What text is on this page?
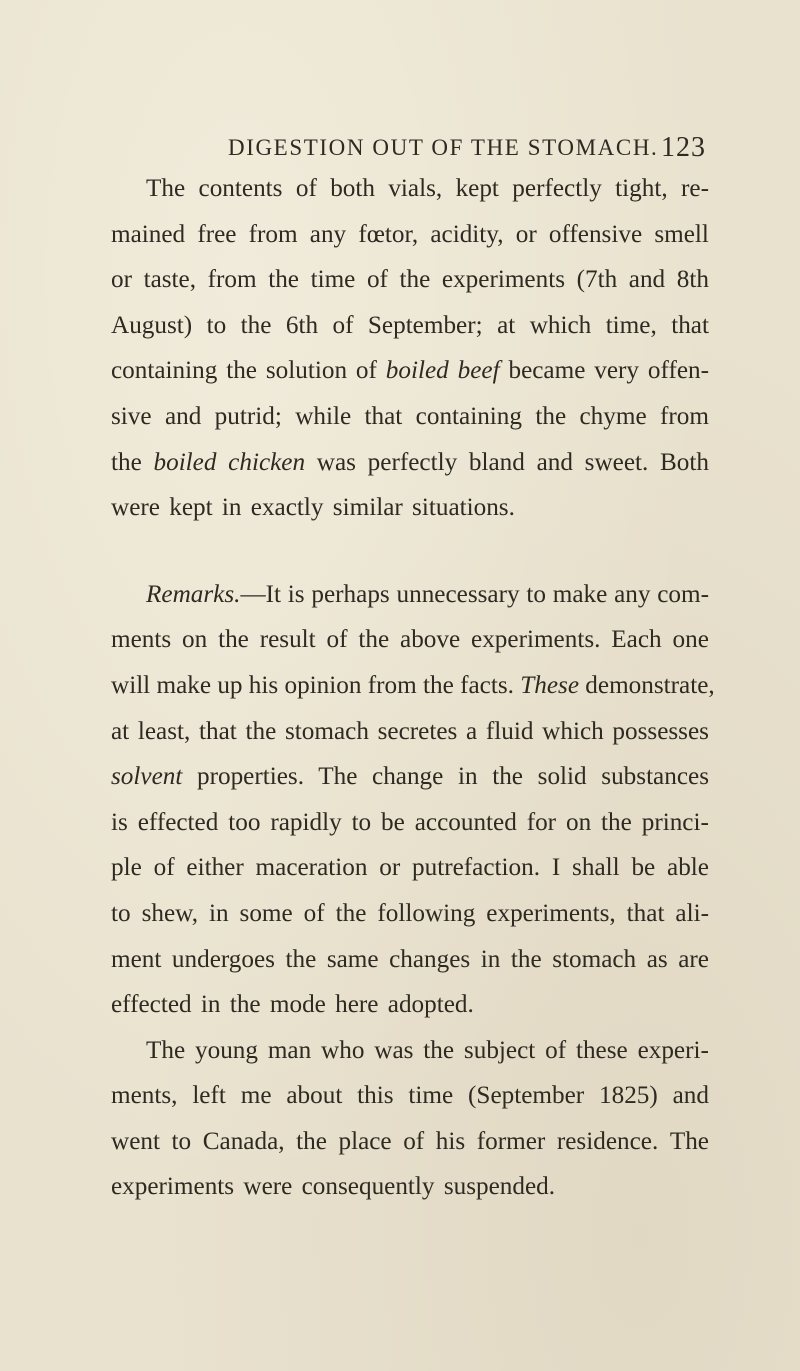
DIGESTION OUT OF THE STOMACH. 123
The contents of both vials, kept perfectly tight, re-
mained free from any fœtor, acidity, or offensive smell
or taste, from the time of the experiments (7th and 8th
August) to the 6th of September; at which time, that
containing the solution of boiled beef became very offen-
sive and putrid; while that containing the chyme from
the boiled chicken was perfectly bland and sweet. Both
were kept in exactly similar situations.
Remarks.—It is perhaps unnecessary to make any com-
ments on the result of the above experiments. Each one
will make up his opinion from the facts. These demonstrate,
at least, that the stomach secretes a fluid which possesses
solvent properties. The change in the solid substances
is effected too rapidly to be accounted for on the princi-
ple of either maceration or putrefaction. I shall be able
to shew, in some of the following experiments, that ali-
ment undergoes the same changes in the stomach as are
effected in the mode here adopted.
The young man who was the subject of these experi-
ments, left me about this time (September 1825) and
went to Canada, the place of his former residence. The
experiments were consequently suspended.
